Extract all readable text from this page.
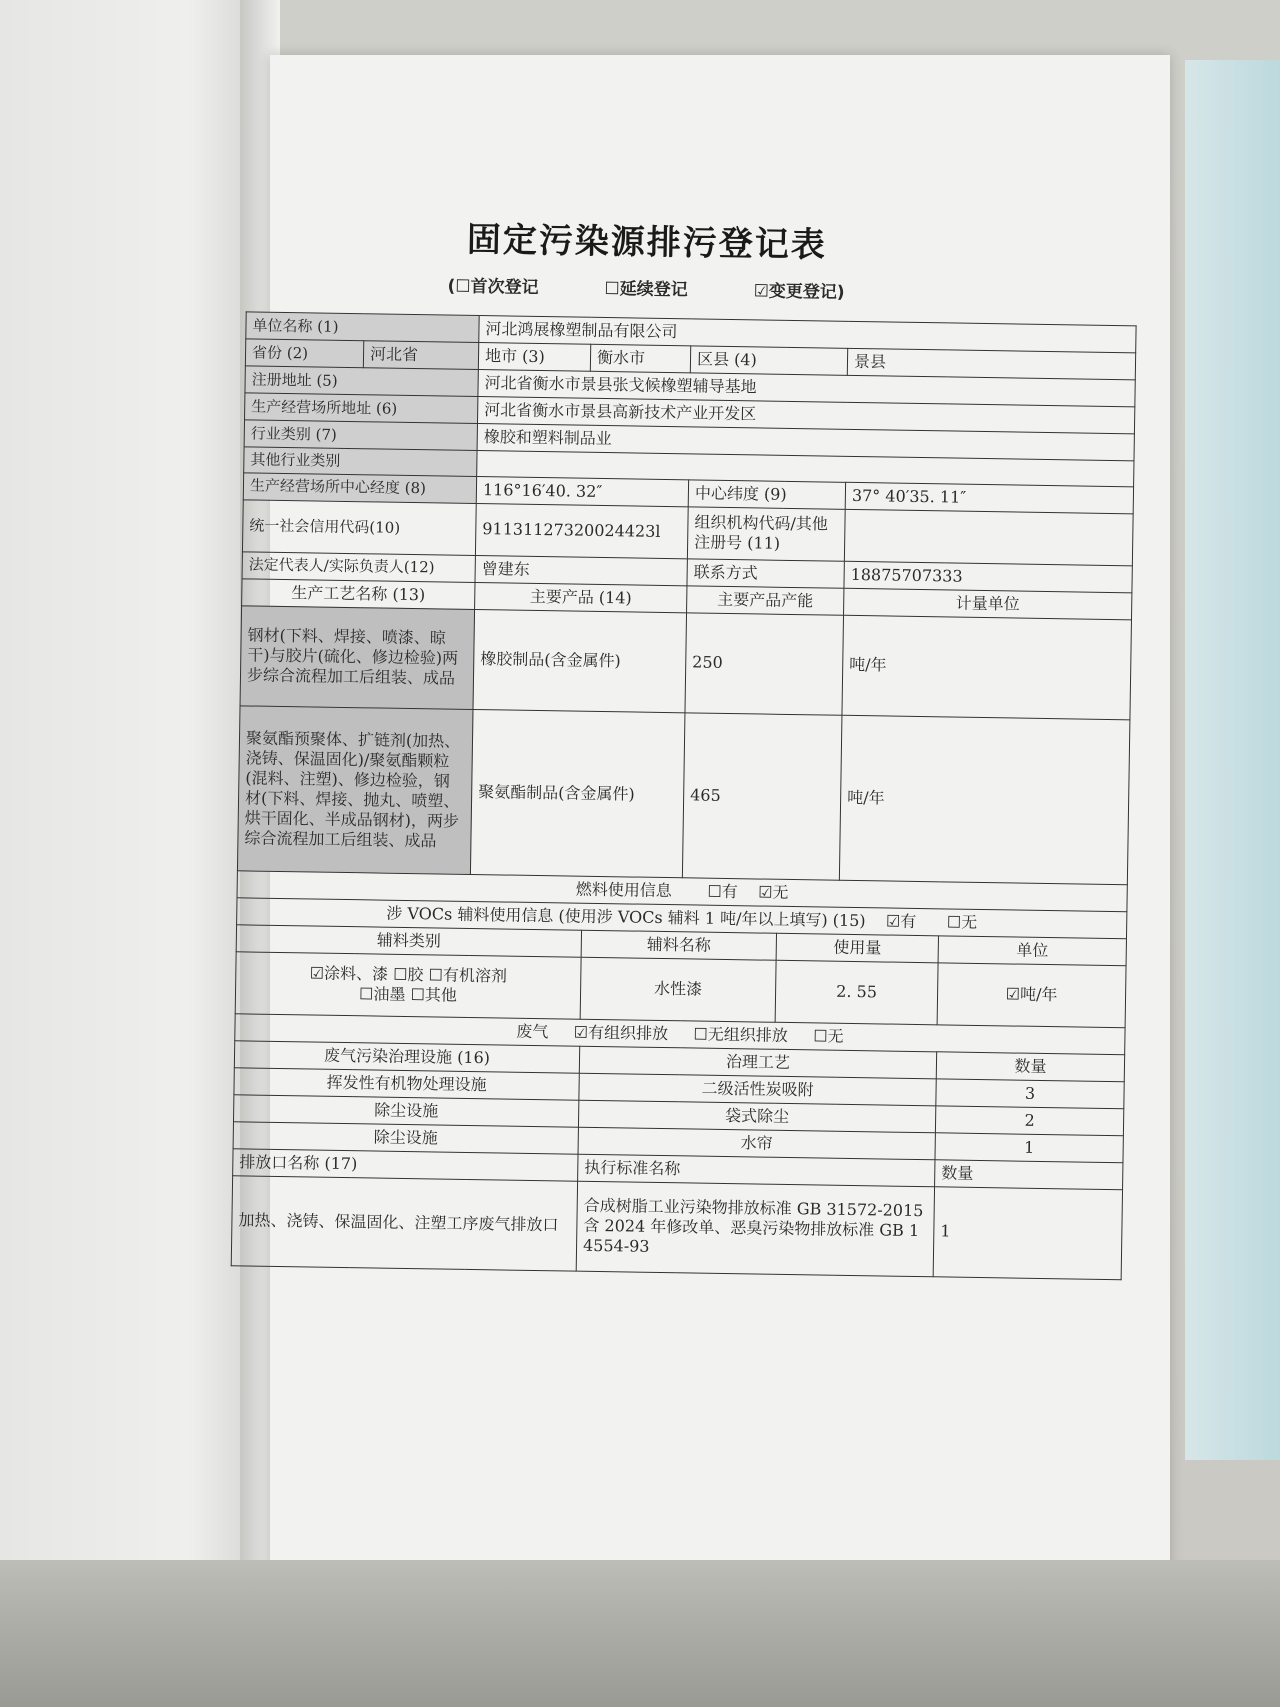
固定污染源排污登记表
(☐首次登记	☐延续登记	☑变更登记)
单位名称 (1)		河北鸿展橡塑制品有限公司					
省份 (2)	河北省	地市 (3)	衡水市	区县 (4)		景县	
注册地址 (5)		河北省衡水市景县张戈候橡塑辅导基地					
生产经营场所地址 (6)		河北省衡水市景县高新技术产业开发区					
行业类别 (7)		橡胶和塑料制品业					
其他行业类别							
生产经营场所中心经度 (8)		116°16′40. 32″		中心纬度 (9)		37° 40′35. 11″	
统一社会信用代码(10)		91131127320024423l		组织机构代码/其他注册号 (11)			
法定代表人/实际负责人(12)		曾建东		联系方式		18875707333	
生产工艺名称 (13)		主要产品 (14)		主要产品产能		计量单位	
钢材(下料、焊接、喷漆、晾干)与胶片(硫化、修边检验)两步综合流程加工后组装、成品		橡胶制品(含金属件)		250		吨/年	
聚氨酯预聚体、扩链剂(加热、浇铸、保温固化)/聚氨酯颗粒(混料、注塑)、修边检验，钢材(下料、焊接、抛丸、喷塑、烘干固化、半成品钢材)，两步综合流程加工后组装、成品		聚氨酯制品(含金属件)		465		吨/年	
燃料使用信息 ☐有 ☑无							
涉 VOCs 辅料使用信息 (使用涉 VOCs 辅料 1 吨/年以上填写) (15) ☑有 ☐无							
辅料类别			辅料名称		使用量		单位

☑涂料、漆 ☐胶 ☐有机溶剂
☐油墨 ☐其他			水性漆		2. 55		☑吨/年
废气 ☑有组织排放 ☐无组织排放 ☐无							
废气污染治理设施 (16)			治理工艺				数量
挥发性有机物处理设施			二级活性炭吸附				3
除尘设施			袋式除尘				2
除尘设施			水帘				1
排放口名称 (17)			执行标准名称				数量
加热、浇铸、保温固化、注塑工序废气排放口			合成树脂工业污染物排放标准 GB 31572-2015 含 2024 年修改单、恶臭污染物排放标准 GB 14554-93				1
